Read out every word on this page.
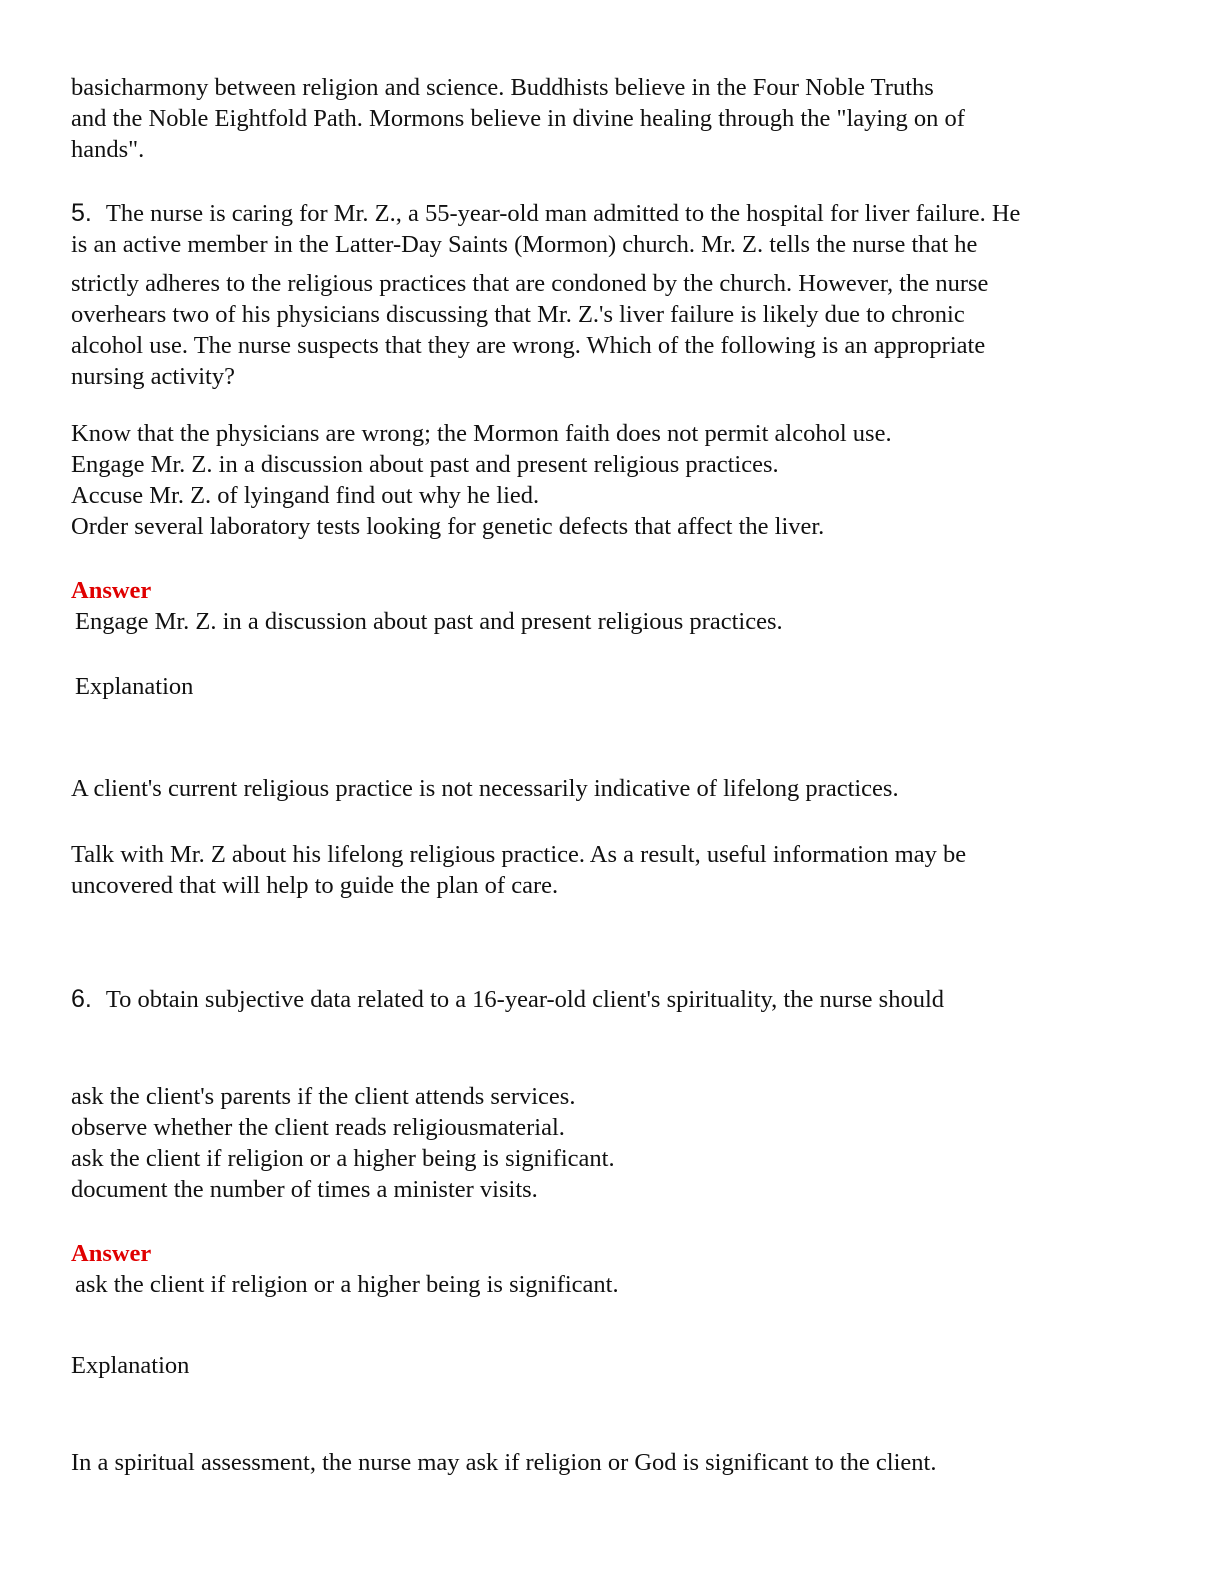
basicharmony between religion and science. Buddhists believe in the Four Noble Truths
and the Noble Eightfold Path. Mormons believe in divine healing through the "laying on of
hands".
5. The nurse is caring for Mr. Z., a 55-year-old man admitted to the hospital for liver failure. He
is an active member in the Latter-Day Saints (Mormon) church. Mr. Z. tells the nurse that he
strictly adheres to the religious practices that are condoned by the church. However, the nurse
overhears two of his physicians discussing that Mr. Z.'s liver failure is likely due to chronic
alcohol use. The nurse suspects that they are wrong. Which of the following is an appropriate
nursing activity?
Know that the physicians are wrong; the Mormon faith does not permit alcohol use.
Engage Mr. Z. in a discussion about past and present religious practices.
Accuse Mr. Z. of lyingand find out why he lied.
Order several laboratory tests looking for genetic defects that affect the liver.
Answer
Engage Mr. Z. in a discussion about past and present religious practices.
Explanation
A client's current religious practice is not necessarily indicative of lifelong practices.
Talk with Mr. Z about his lifelong religious practice. As a result, useful information may be
uncovered that will help to guide the plan of care.
6. To obtain subjective data related to a 16-year-old client's spirituality, the nurse should
ask the client's parents if the client attends services.
observe whether the client reads religiousmaterial.
ask the client if religion or a higher being is significant.
document the number of times a minister visits.
Answer
ask the client if religion or a higher being is significant.
Explanation
In a spiritual assessment, the nurse may ask if religion or God is significant to the client.
